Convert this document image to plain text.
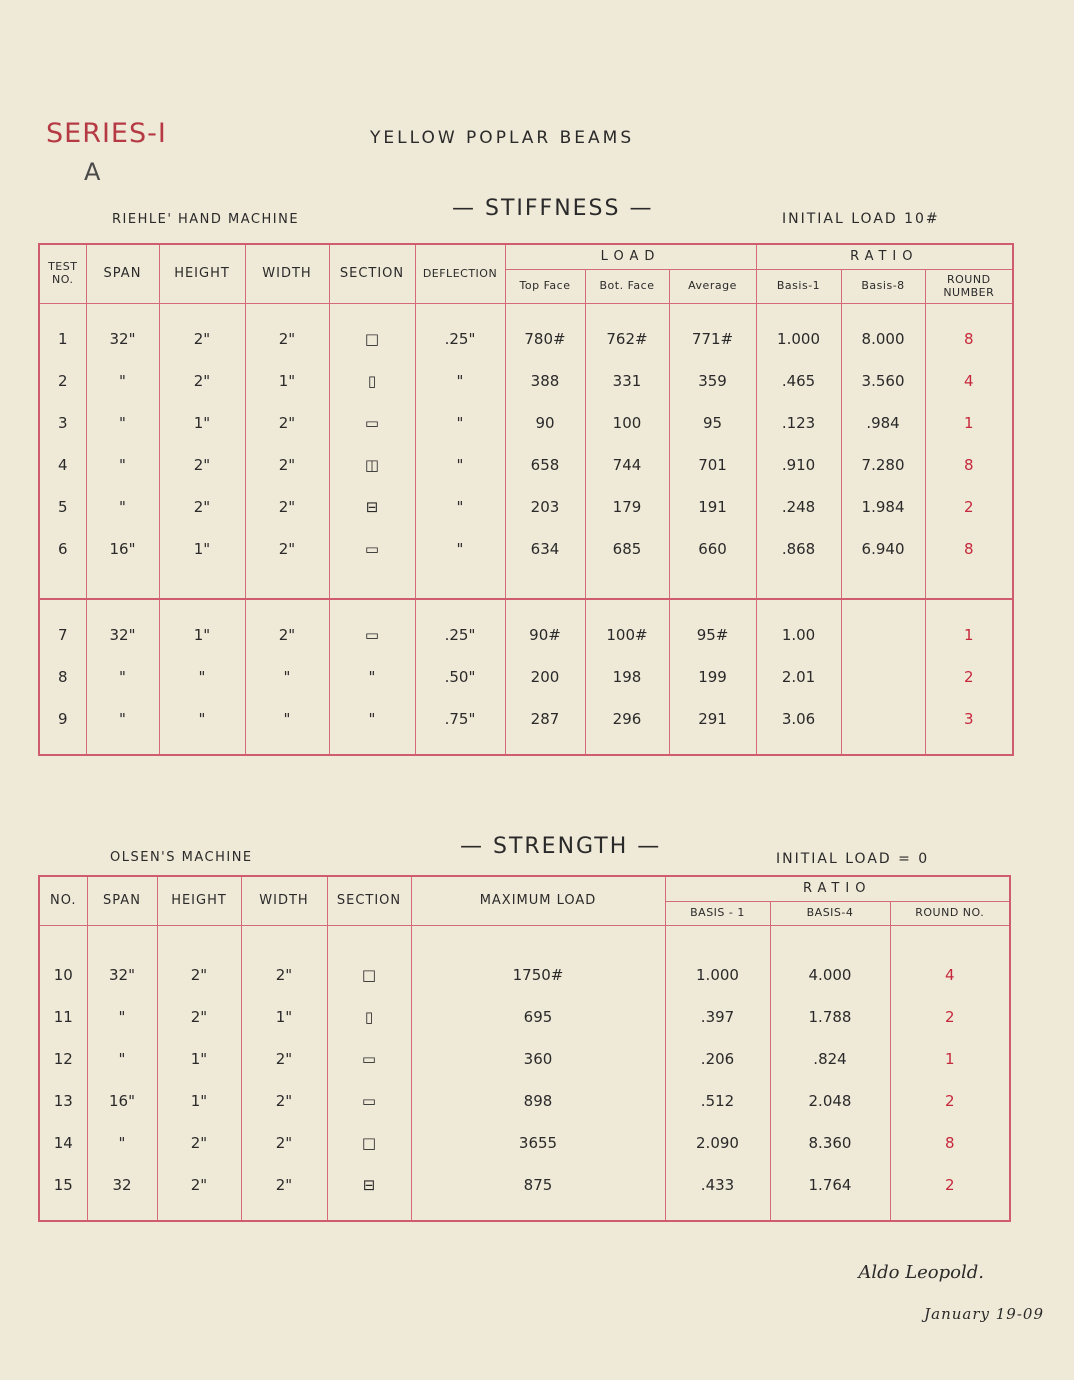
SERIES-I
A
YELLOW POPLAR BEAMS
— STIFFNESS —
RIEHLE' HAND MACHINE	INITIAL LOAD 10#
TEST NO.	SPAN	HEIGHT	WIDTH	SECTION	DEFLECTION	LOAD			RATIO		
						Top Face	Bot. Face	Average	Basis-1	Basis-8	ROUND NUMBER

1	32"	2"	2"	□	.25"	780#	762#	771#	1.000	8.000	8
2	"	2"	1"	▯	"	388	331	359	.465	3.560	4
3	"	1"	2"	▭	"	90	100	95	.123	.984	1
4	"	2"	2"	◫	"	658	744	701	.910	7.280	8
5	"	2"	2"	⊟	"	203	179	191	.248	1.984	2
6	16"	1"	2"	▭	"	634	685	660	.868	6.940	8

7	32"	1"	2"	▭	.25"	90#	100#	95#	1.00		1
8	"	"	"	"	.50"	200	198	199	2.01		2
9	"	"	"	"	.75"	287	296	291	3.06		3

— STRENGTH —
OLSEN'S MACHINE	INITIAL LOAD = 0
NO.	SPAN	HEIGHT	WIDTH	SECTION	MAXIMUM LOAD	RATIO		
						BASIS - 1	BASIS-4	ROUND NO.

10	32"	2"	2"	□	1750#	1.000	4.000	4
11	"	2"	1"	▯	695	.397	1.788	2
12	"	1"	2"	▭	360	.206	.824	1
13	16"	1"	2"	▭	898	.512	2.048	2
14	"	2"	2"	□	3655	2.090	8.360	8
15	32	2"	2"	⊟	875	.433	1.764	2

Aldo Leopold.
January 19-09
